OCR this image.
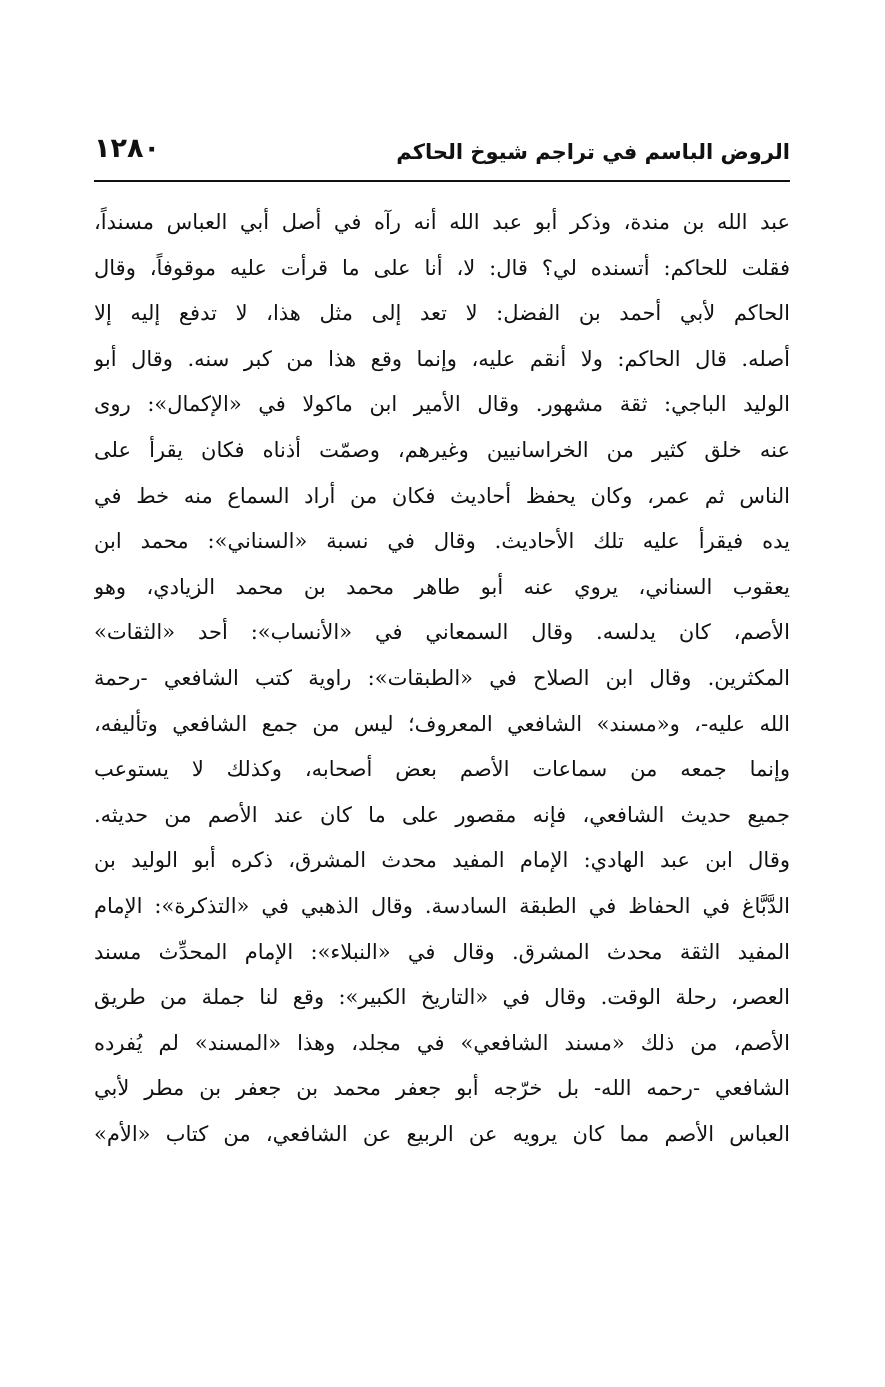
الروض الباسم في تراجم شيوخ الحاكم
١٢٨٠
عبد الله بن مندة، وذكر أبو عبد الله أنه رآه في أصل أبي العباس مسنداً،
فقلت للحاكم: أتسنده لي؟ قال: لا، أنا على ما قرأت عليه موقوفاً، وقال
الحاكم لأبي أحمد بن الفضل: لا تعد إلى مثل هذا، لا تدفع إليه إلا
أصله. قال الحاكم: ولا أنقم عليه، وإنما وقع هذا من كبر سنه. وقال أبو
الوليد الباجي: ثقة مشهور. وقال الأمير ابن ماكولا في «الإكمال»: روى
عنه خلق كثير من الخراسانيين وغيرهم، وصمّت أذناه فكان يقرأ على
الناس ثم عمر، وكان يحفظ أحاديث فكان من أراد السماع منه خط في
يده فيقرأ عليه تلك الأحاديث. وقال في نسبة «السناني»: محمد ابن
يعقوب السناني، يروي عنه أبو طاهر محمد بن محمد الزيادي، وهو
الأصم، كان يدلسه. وقال السمعاني في «الأنساب»: أحد «الثقات»
المكثرين. وقال ابن الصلاح في «الطبقات»: راوية كتب الشافعي -رحمة
الله عليه-، و«مسند» الشافعي المعروف؛ ليس من جمع الشافعي وتأليفه،
وإنما جمعه من سماعات الأصم بعض أصحابه، وكذلك لا يستوعب
جميع حديث الشافعي، فإنه مقصور على ما كان عند الأصم من حديثه.
وقال ابن عبد الهادي: الإمام المفيد محدث المشرق، ذكره أبو الوليد بن
الدَّبَّاغ في الحفاظ في الطبقة السادسة. وقال الذهبي في «التذكرة»: الإمام
المفيد الثقة محدث المشرق. وقال في «النبلاء»: الإمام المحدِّث مسند
العصر، رحلة الوقت. وقال في «التاريخ الكبير»: وقع لنا جملة من طريق
الأصم، من ذلك «مسند الشافعي» في مجلد، وهذا «المسند» لم يُفرده
الشافعي -رحمه الله- بل خرّجه أبو جعفر محمد بن جعفر بن مطر لأبي
العباس الأصم مما كان يرويه عن الربيع عن الشافعي، من كتاب «الأم»
